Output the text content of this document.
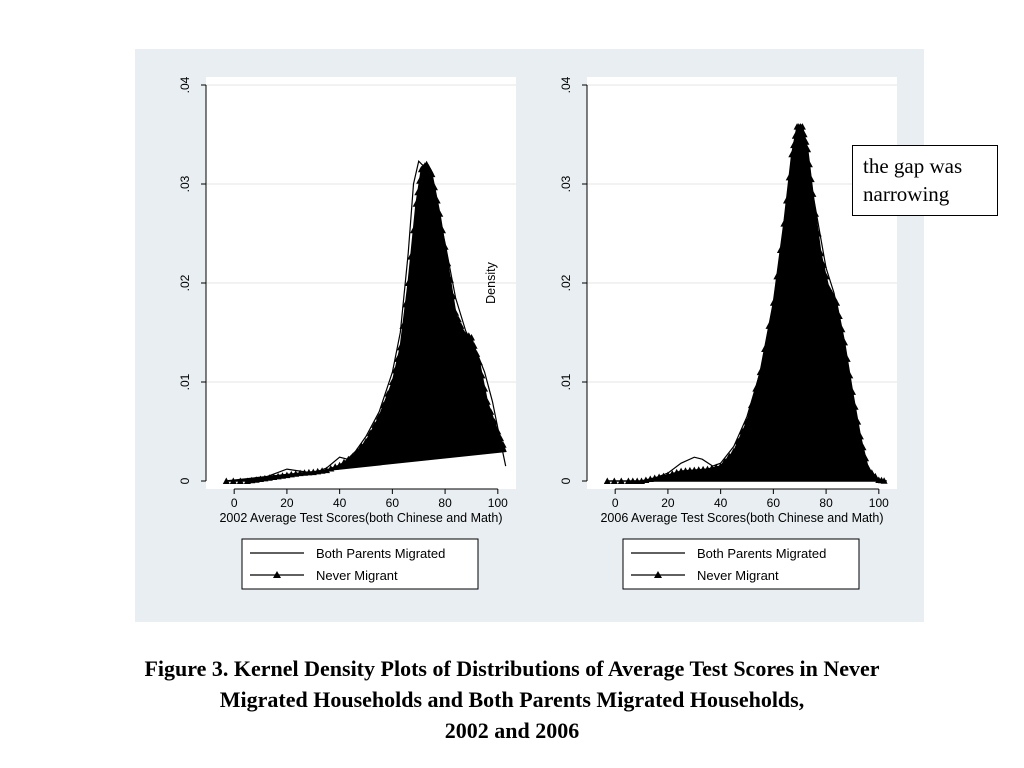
0
.01
.02
.03
.04
0	20	40	60	80	100
2002 Average Test Scores(both Chinese and Math)
Density
Both Parents Migrated
Never Migrant
0
.01
.02
.03
.04
0	20	40	60	80	100
2006 Average Test Scores(both Chinese and Math)
Both Parents Migrated
Never Migrant
the gap was
narrowing
Figure 3. Kernel Density Plots of Distributions of Average Test Scores in Never
Migrated Households and Both Parents Migrated Households,
2002 and 2006
